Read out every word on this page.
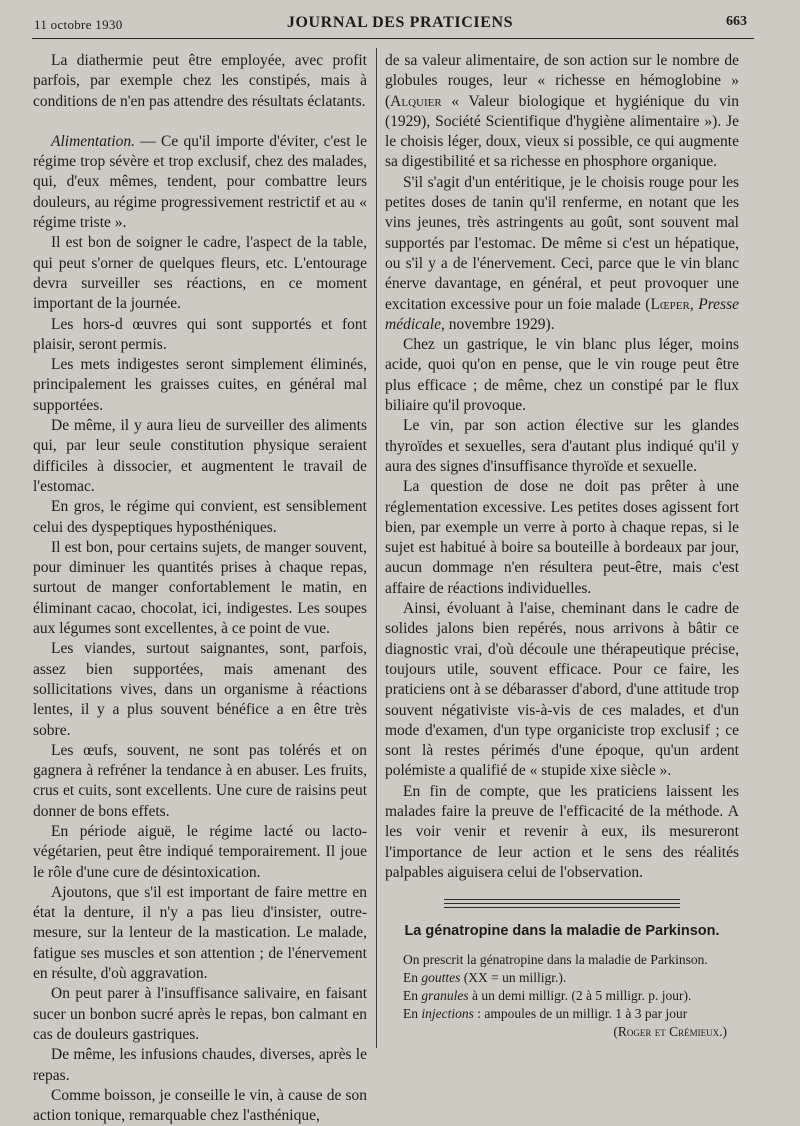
11 octobre 1930	JOURNAL DES PRATICIENS	663

La diathermie peut être employée, avec profit parfois, par exemple chez les constipés, mais à conditions de n'en pas attendre des résultats éclatants.

Alimentation. — Ce qu'il importe d'éviter, c'est le régime trop sévère et trop exclusif, chez des malades, qui, d'eux mêmes, tendent, pour combattre leurs douleurs, au régime progressivement restrictif et au « régime triste ».

Il est bon de soigner le cadre, l'aspect de la table, qui peut s'orner de quelques fleurs, etc. L'entourage devra surveiller ses réactions, en ce moment important de la journée.

Les hors-d œuvres qui sont supportés et font plaisir, seront permis.

Les mets indigestes seront simplement éliminés, principalement les graisses cuites, en général mal supportées.

De même, il y aura lieu de surveiller des aliments qui, par leur seule constitution physique seraient difficiles à dissocier, et augmentent le travail de l'estomac.

En gros, le régime qui convient, est sensiblement celui des dyspeptiques hyposthéniques.

Il est bon, pour certains sujets, de manger souvent, pour diminuer les quantités prises à chaque repas, surtout de manger confortablement le matin, en éliminant cacao, chocolat, ici, indigestes. Les soupes aux légumes sont excellentes, à ce point de vue.

Les viandes, surtout saignantes, sont, parfois, assez bien supportées, mais amenant des sollicitations vives, dans un organisme à réactions lentes, il y a plus souvent bénéfice a en être très sobre.

Les œufs, souvent, ne sont pas tolérés et on gagnera à refréner la tendance à en abuser. Les fruits, crus et cuits, sont excellents. Une cure de raisins peut donner de bons effets.

En période aiguë, le régime lacté ou lacto-végétarien, peut être indiqué temporairement. Il joue le rôle d'une cure de désintoxication.

Ajoutons, que s'il est important de faire mettre en état la denture, il n'y a pas lieu d'insister, outre-mesure, sur la lenteur de la mastication. Le malade, fatigue ses muscles et son attention ; de l'énervement en résulte, d'où aggravation.

On peut parer à l'insuffisance salivaire, en faisant sucer un bonbon sucré après le repas, bon calmant en cas de douleurs gastriques.

De même, les infusions chaudes, diverses, après le repas.

Comme boisson, je conseille le vin, à cause de son action tonique, remarquable chez l'asthénique,

de sa valeur alimentaire, de son action sur le nombre de globules rouges, leur « richesse en hémoglobine » (Alquier « Valeur biologique et hygiénique du vin (1929), Société Scientifique d'hygiène alimentaire »). Je le choisis léger, doux, vieux si possible, ce qui augmente sa digestibilité et sa richesse en phosphore organique.

S'il s'agit d'un entéritique, je le choisis rouge pour les petites doses de tanin qu'il renferme, en notant que les vins jeunes, très astringents au goût, sont souvent mal supportés par l'estomac. De même si c'est un hépatique, ou s'il y a de l'énervement. Ceci, parce que le vin blanc énerve davantage, en général, et peut provoquer une excitation excessive pour un foie malade (Lœper, Presse médicale, novembre 1929).

Chez un gastrique, le vin blanc plus léger, moins acide, quoi qu'on en pense, que le vin rouge peut être plus efficace ; de même, chez un constipé par le flux biliaire qu'il provoque.

Le vin, par son action élective sur les glandes thyroïdes et sexuelles, sera d'autant plus indiqué qu'il y aura des signes d'insuffisance thyroïde et sexuelle.

La question de dose ne doit pas prêter à une réglementation excessive. Les petites doses agissent fort bien, par exemple un verre à porto à chaque repas, si le sujet est habitué à boire sa bouteille à bordeaux par jour, aucun dommage n'en résultera peut-être, mais c'est affaire de réactions individuelles.

Ainsi, évoluant à l'aise, cheminant dans le cadre de solides jalons bien repérés, nous arrivons à bâtir ce diagnostic vrai, d'où découle une thérapeutique précise, toujours utile, souvent efficace. Pour ce faire, les praticiens ont à se débarasser d'abord, d'une attitude trop souvent négativiste vis-à-vis de ces malades, et d'un mode d'examen, d'un type organiciste trop exclusif ; ce sont là restes périmés d'une époque, qu'un ardent polémiste a qualifié de « stupide xixe siècle ».

En fin de compte, que les praticiens laissent les malades faire la preuve de l'efficacité de la méthode. A les voir venir et revenir à eux, ils mesureront l'importance de leur action et le sens des réalités palpables aiguisera celui de l'observation.

La génatropine dans la maladie de Parkinson.

On prescrit la génatropine dans la maladie de Parkinson.

En gouttes (XX = un milligr.).

En granules à un demi milligr. (2 à 5 milligr. p. jour).

En injections : ampoules de un milligr. 1 à 3 par jour

(Roger et Crémieux.)
